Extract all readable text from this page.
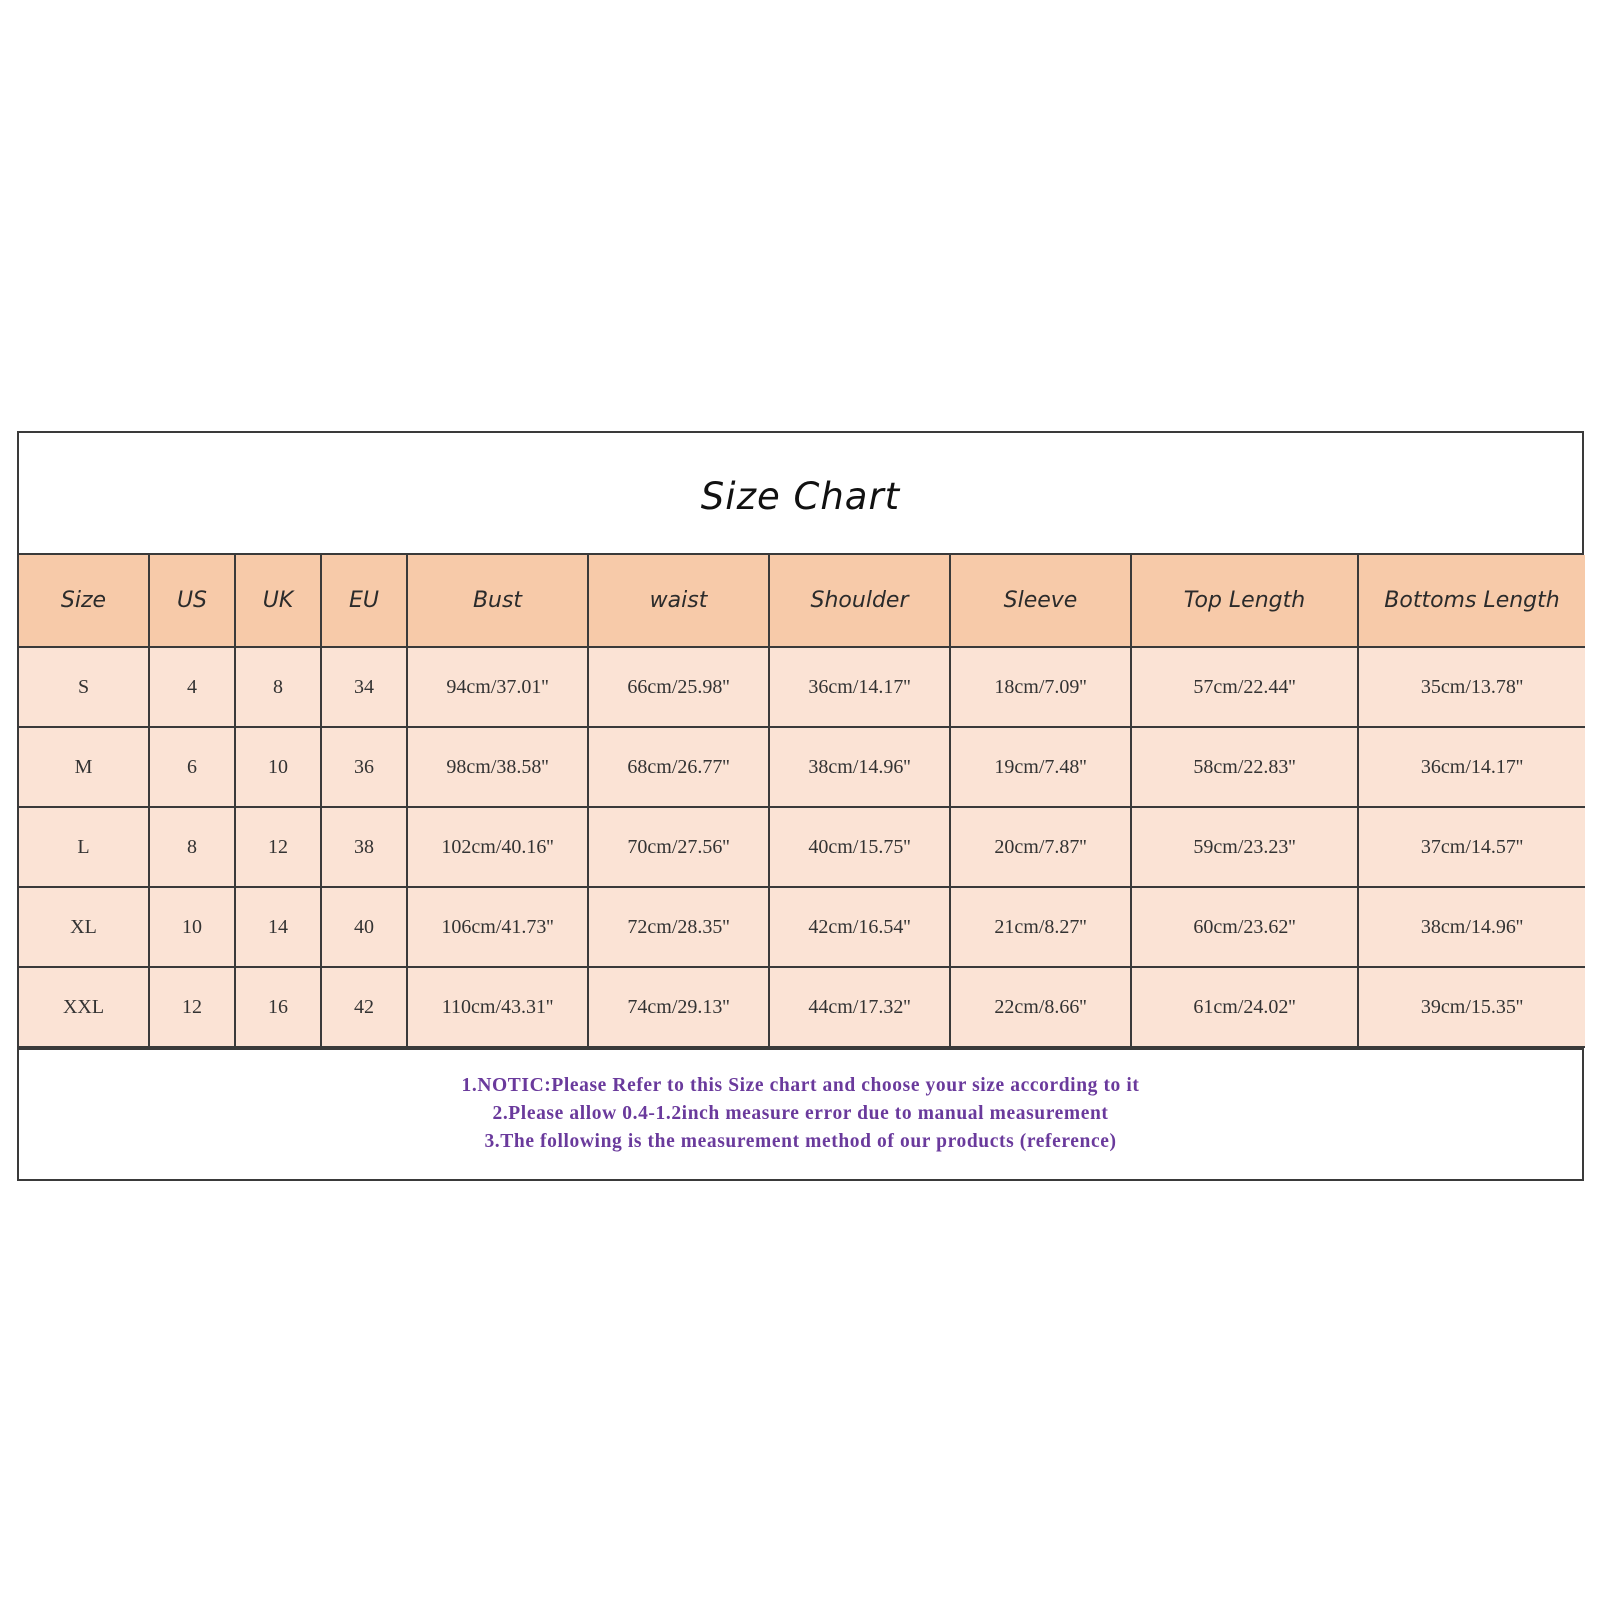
Size Chart
Size	US	UK	EU	Bust	waist	Shoulder	Sleeve	Top Length	Bottoms Length
S	4	8	34	94cm/37.01''	66cm/25.98''	36cm/14.17''	18cm/7.09''	57cm/22.44''	35cm/13.78''
M	6	10	36	98cm/38.58''	68cm/26.77''	38cm/14.96''	19cm/7.48''	58cm/22.83''	36cm/14.17''
L	8	12	38	102cm/40.16''	70cm/27.56''	40cm/15.75''	20cm/7.87''	59cm/23.23''	37cm/14.57''
XL	10	14	40	106cm/41.73''	72cm/28.35''	42cm/16.54''	21cm/8.27''	60cm/23.62''	38cm/14.96''
XXL	12	16	42	110cm/43.31''	74cm/29.13''	44cm/17.32''	22cm/8.66''	61cm/24.02''	39cm/15.35''
1.NOTIC:Please Refer to this Size chart and choose your size according to it
2.Please allow 0.4-1.2inch measure error due to manual measurement
3.The following is the measurement method of our products (reference)
